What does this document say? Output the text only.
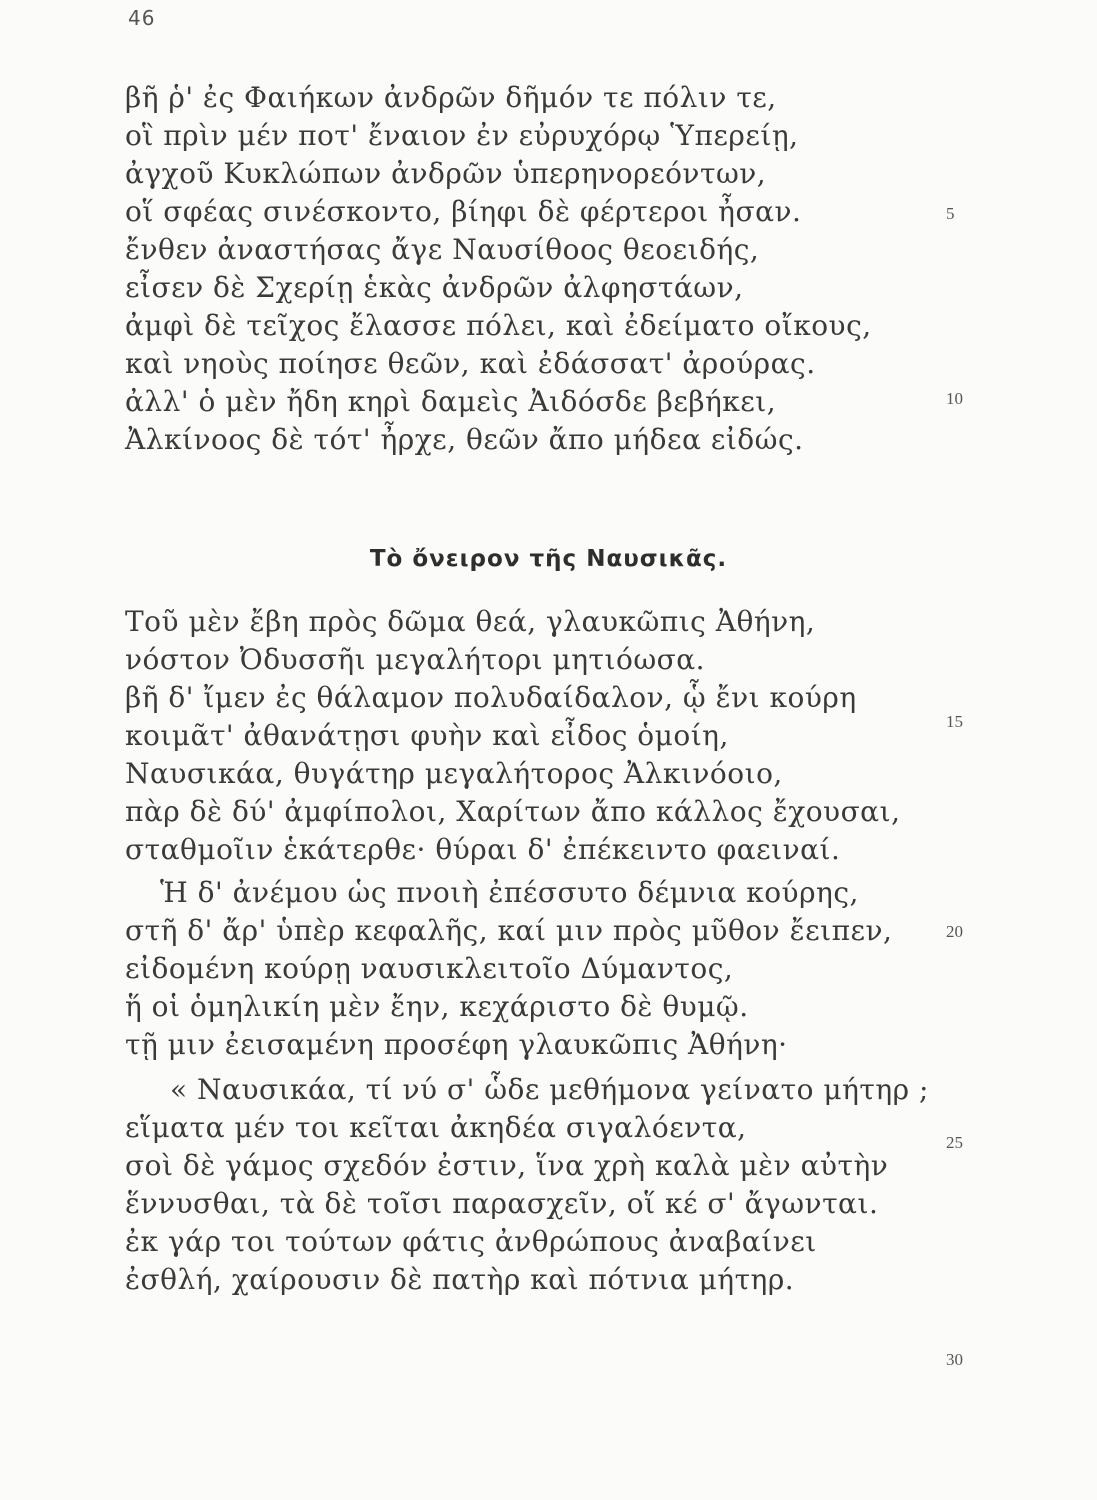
46
βῆ ῥ' ἐς Φαιήκων ἀνδρῶν δῆμόν τε πόλιν τε,
οἳ πρὶν μέν ποτ' ἔναιον ἐν εὐρυχόρῳ Ὑπερείῃ,
ἀγχοῦ Κυκλώπων ἀνδρῶν ὑπερηνορεόντων,
οἵ σφέας σινέσκοντο, βίηφι δὲ φέρτεροι ἦσαν.
ἔνθεν ἀναστήσας ἄγε Ναυσίθοος θεοειδής,
εἶσεν δὲ Σχερίῃ ἑκὰς ἀνδρῶν ἀλφηστάων,
ἀμφὶ δὲ τεῖχος ἔλασσε πόλει, καὶ ἐδείματο οἴκους,
καὶ νηοὺς ποίησε θεῶν, καὶ ἐδάσσατ' ἀρούρας.
ἀλλ' ὁ μὲν ἤδη κηρὶ δαμεὶς Ἀιδόσδε βεβήκει,
Ἀλκίνοος δὲ τότ' ἦρχε, θεῶν ἄπο μήδεα εἰδώς.
Τὸ ὄνειρον τῆς Ναυσικᾶς.
Τοῦ μὲν ἔβη πρὸς δῶμα θεά, γλαυκῶπις Ἀθήνη,
νόστον Ὀδυσσῆι μεγαλήτορι μητιόωσα.
βῆ δ' ἴμεν ἐς θάλαμον πολυδαίδαλον, ᾧ ἔνι κούρη
κοιμᾶτ' ἀθανάτῃσι φυὴν καὶ εἶδος ὁμοίη,
Ναυσικάα, θυγάτηρ μεγαλήτορος Ἀλκινόοιο,
πὰρ δὲ δύ' ἀμφίπολοι, Χαρίτων ἄπο κάλλος ἔχουσαι,
σταθμοῖιν ἑκάτερθε· θύραι δ' ἐπέκειντο φαειναί.
Ἡ δ' ἀνέμου ὡς πνοιὴ ἐπέσσυτο δέμνια κούρης,
στῆ δ' ἄρ' ὑπὲρ κεφαλῆς, καί μιν πρὸς μῦθον ἔειπεν,
εἰδομένη κούρῃ ναυσικλειτοῖο Δύμαντος,
ἥ οἱ ὁμηλικίη μὲν ἔην, κεχάριστο δὲ θυμῷ.
τῇ μιν ἐεισαμένη προσέφη γλαυκῶπις Ἀθήνη·
« Ναυσικάα, τί νύ σ' ὧδε μεθήμονα γείνατο μήτηρ ;
εἵματα μέν τοι κεῖται ἀκηδέα σιγαλόεντα,
σοὶ δὲ γάμος σχεδόν ἐστιν, ἵνα χρὴ καλὰ μὲν αὐτὴν
ἕννυσθαι, τὰ δὲ τοῖσι παρασχεῖν, οἵ κέ σ' ἄγωνται.
ἐκ γάρ τοι τούτων φάτις ἀνθρώπους ἀναβαίνει
ἐσθλή, χαίρουσιν δὲ πατὴρ καὶ πότνια μήτηρ.
5
10
15
20
25
30
